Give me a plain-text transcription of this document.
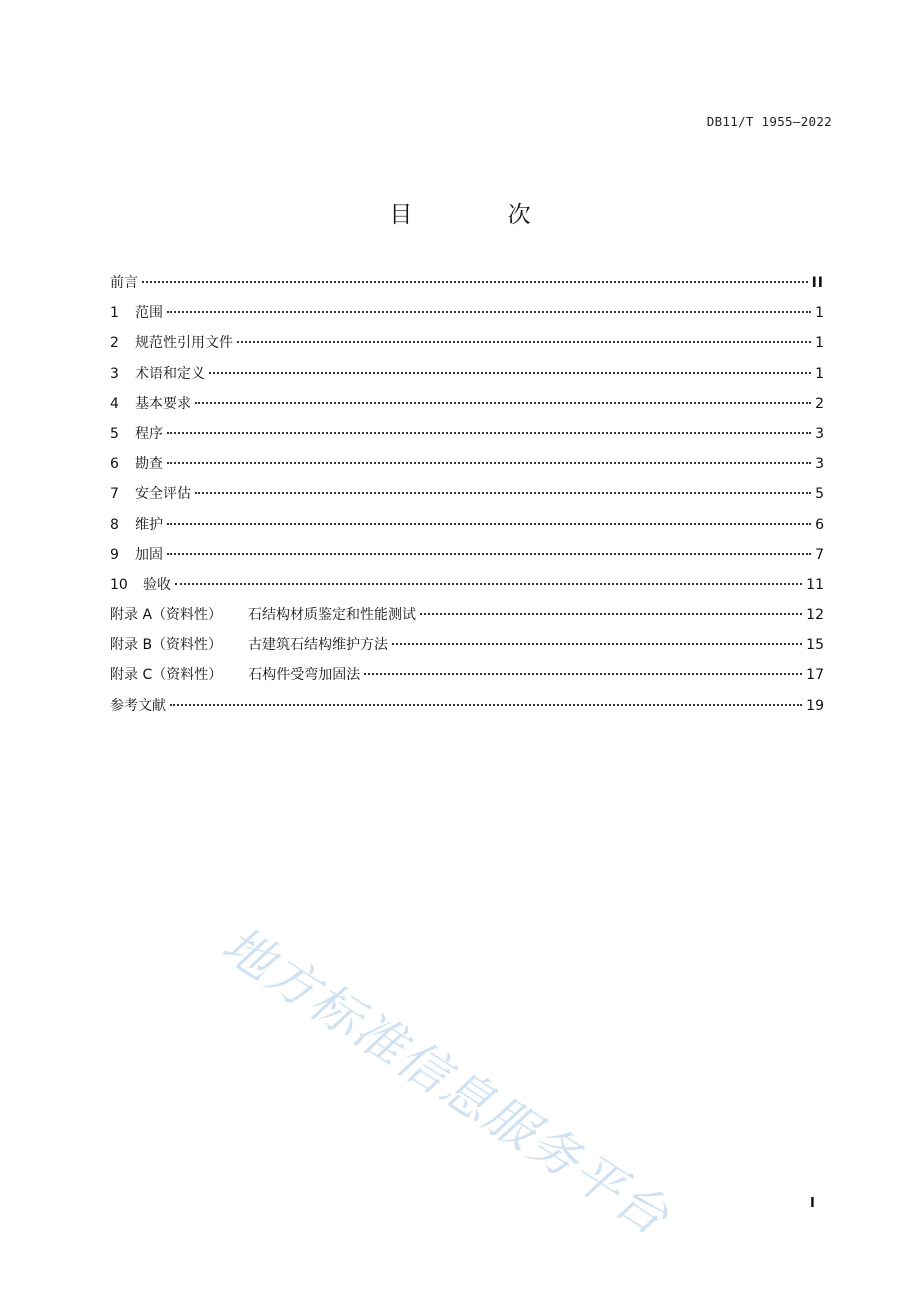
DB11/T 1955—2022
目 次
前言	II
1	范围	1
2	规范性引用文件	1
3	术语和定义	1
4	基本要求	2
5	程序	3
6	勘查	3
7	安全评估	5
8	维护	6
9	加固	7
10	验收	11
附录 A（资料性） 石结构材质鉴定和性能测试	12
附录 B（资料性） 古建筑石结构维护方法	15
附录 C（资料性） 石构件受弯加固法	17
参考文献	19
地方标准信息服务平台	I
